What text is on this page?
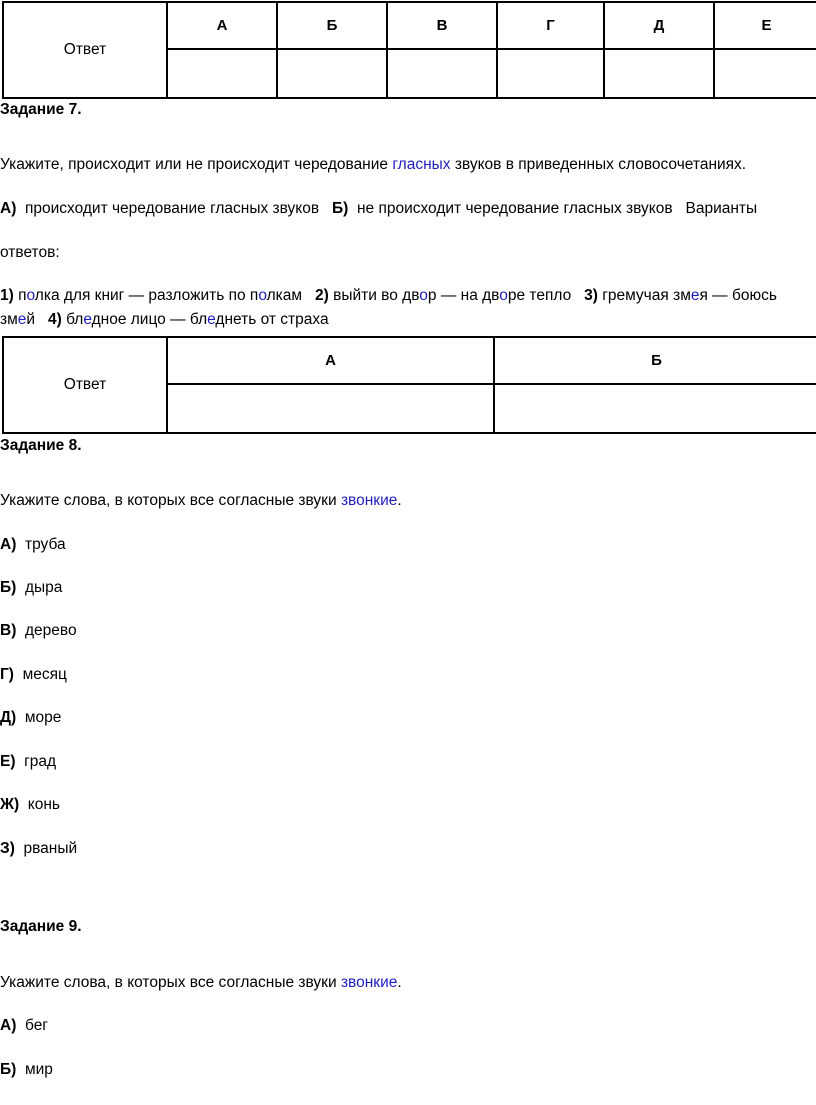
Ответ	А	Б	В	Г	Д	Е

Задание 7.
Укажите, происходит или не происходит чередование гласных звуков в приведенных словосочетаниях.
А)  происходит чередование гласных звуков   Б)  не происходит чередование гласных звуков   Варианты
ответов:
1) полка для книг — разложить по полкам   2) выйти во двор — на дворе тепло   3) гремучая змея — боюсь
змей   4) бледное лицо — бледнеть от страха
Ответ	А	Б

Задание 8.
Укажите слова, в которых все согласные звуки звонкие.
А) труба
Б) дыра
В) дерево
Г) месяц
Д) море
Е) град
Ж) конь
З) рваный
Задание 9.
Укажите слова, в которых все согласные звуки звонкие.
А) бег
Б) мир
